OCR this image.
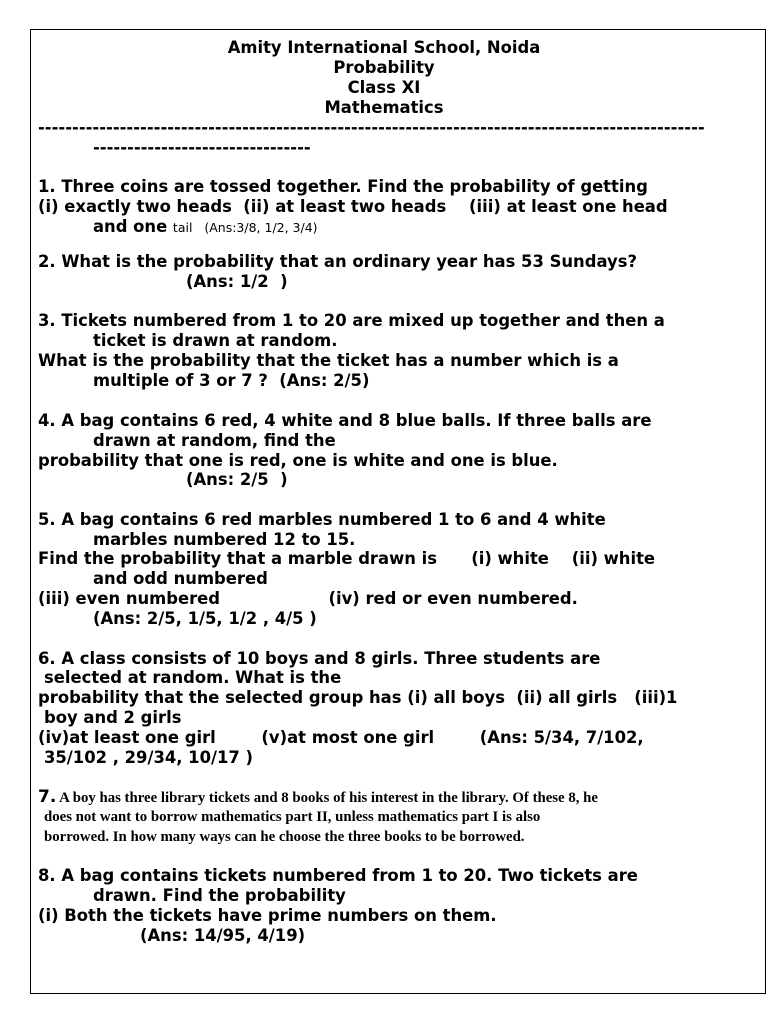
Amity International School, Noida
Probability
Class XI
Mathematics
--------------------------------------------------------------------------------------------------
--------------------------------
1. Three coins are tossed together. Find the probability of getting
(i) exactly two heads  (ii) at least two heads    (iii) at least one head
and one tail   (Ans:3/8, 1/2, 3/4)
2. What is the probability that an ordinary year has 53 Sundays?
(Ans: 1/2  )
3. Tickets numbered from 1 to 20 are mixed up together and then a
ticket is drawn at random.
What is the probability that the ticket has a number which is a
multiple of 3 or 7 ?  (Ans: 2/5)
4. A bag contains 6 red, 4 white and 8 blue balls. If three balls are
drawn at random, find the
probability that one is red, one is white and one is blue.
(Ans: 2/5  )
5. A bag contains 6 red marbles numbered 1 to 6 and 4 white
marbles numbered 12 to 15.
Find the probability that a marble drawn is      (i) white    (ii) white
and odd numbered
(iii) even numbered                   (iv) red or even numbered.
(Ans: 2/5, 1/5, 1/2 , 4/5 )
6. A class consists of 10 boys and 8 girls. Three students are
selected at random. What is the
probability that the selected group has (i) all boys  (ii) all girls   (iii)1
boy and 2 girls
(iv)at least one girl        (v)at most one girl        (Ans: 5/34, 7/102,
35/102 , 29/34, 10/17 )
7. A boy has three library tickets and 8 books of his interest in the library. Of these 8, he
does not want to borrow mathematics part II, unless mathematics part I is also
borrowed. In how many ways can he choose the three books to be borrowed.
8. A bag contains tickets numbered from 1 to 20. Two tickets are
drawn. Find the probability
(i) Both the tickets have prime numbers on them.
(Ans: 14/95, 4/19)
